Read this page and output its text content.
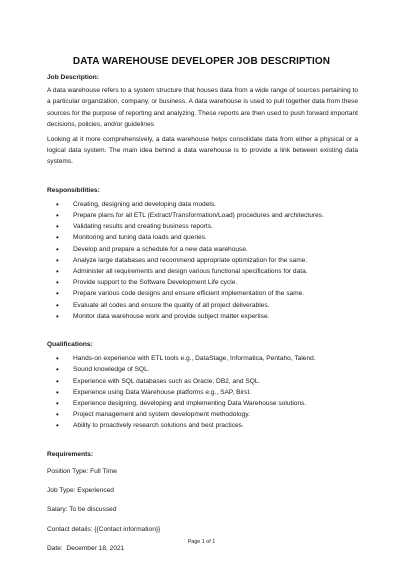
DATA WAREHOUSE DEVELOPER JOB DESCRIPTION
Job Description:

A data warehouse refers to a system structure that houses data from a wide range of sources pertaining to a particular organization, company, or business. A data warehouse is used to pull together data from these sources for the purpose of reporting and analyzing. These reports are then used to push forward important decisions, policies, and/or guidelines

Looking at it more comprehensively, a data warehouse helps consolidate data from either a physical or a logical data system. The main idea behind a data warehouse is to provide a link between existing data systems.

Responsibilities:
• Creating, designing and developing data models.
• Prepare plans for all ETL (Extract/Transformation/Load) procedures and architectures.
• Validating results and creating business reports.
• Monitoring and tuning data loads and queries.
• Develop and prepare a schedule for a new data warehouse.
• Analyze large databases and recommend appropriate optimization for the same.
• Administer all requirements and design various functional specifications for data.
• Provide support to the Software Development Life cycle.
• Prepare various code designs and ensure efficient implementation of the same.
• Evaluate all codes and ensure the quality of all project deliverables.
• Monitor data warehouse work and provide subject matter expertise.
Qualifications:
• Hands-on experience with ETL tools e.g., DataStage, Informatica, Pentaho, Talend.
• Sound knowledge of SQL.
• Experience with SQL databases such as Oracle, DB2, and SQL.
• Experience using Data Warehouse platforms e.g., SAP, Birst.
• Experience designing, developing and implementing Data Warehouse solutions.
• Project management and system development methodology.
• Ability to proactively research solutions and best practices.
Requirements:
Position Type: Full Time
Job Type: Experienced
Salary: To be discussed
Contact details: {{Contact information}}
Date:  December 18, 2021
Page 1 of 1
